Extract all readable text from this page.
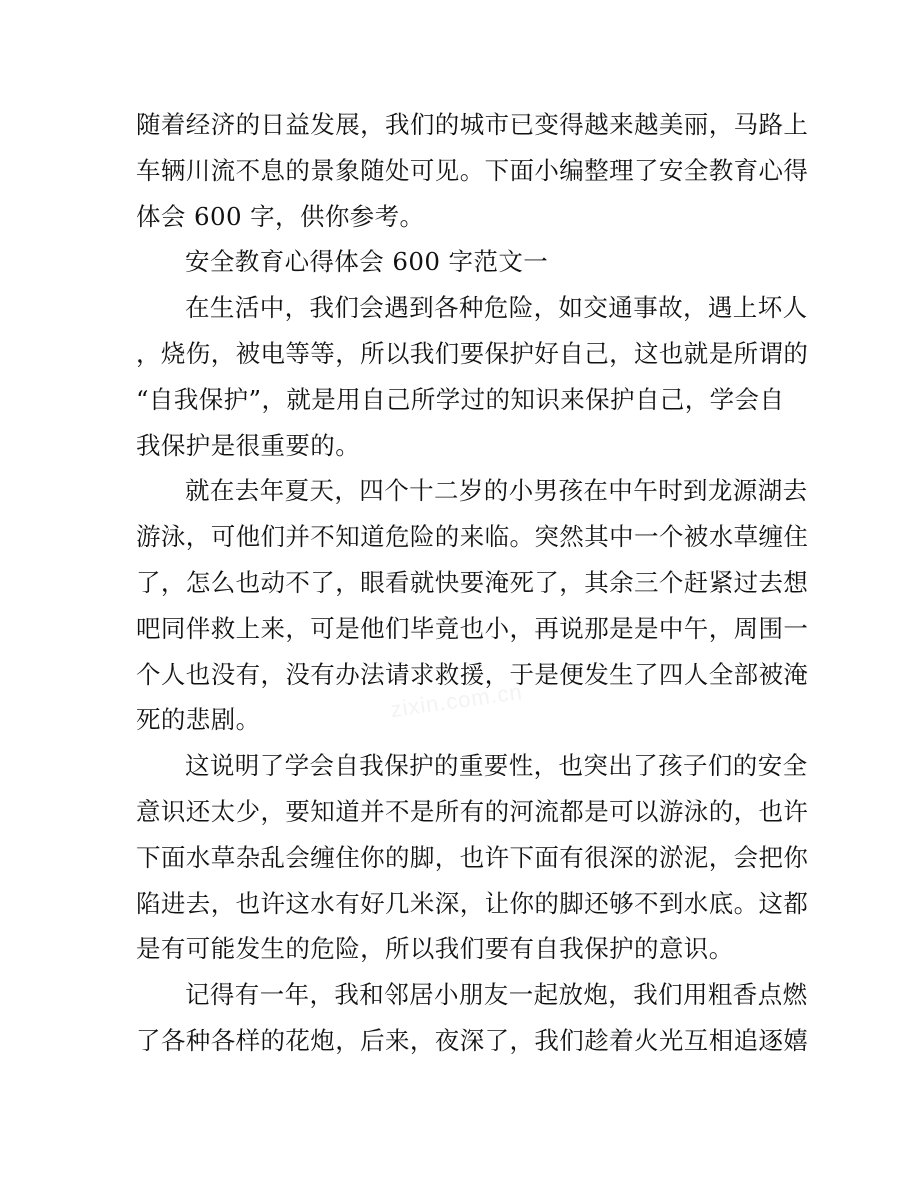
随着经济的日益发展，我们的城市已变得越来越美丽，马路上
车辆川流不息的景象随处可见。下面小编整理了安全教育心得
体会 600 字，供你参考。
安全教育心得体会 600 字范文一
在生活中，我们会遇到各种危险，如交通事故，遇上坏人
，烧伤，被电等等，所以我们要保护好自己，这也就是所谓的
“自我保护”，就是用自己所学过的知识来保护自己，学会自
我保护是很重要的。
就在去年夏天，四个十二岁的小男孩在中午时到龙源湖去
游泳，可他们并不知道危险的来临。突然其中一个被水草缠住
了，怎么也动不了，眼看就快要淹死了，其余三个赶紧过去想
吧同伴救上来，可是他们毕竟也小，再说那是是中午，周围一
个人也没有，没有办法请求救援，于是便发生了四人全部被淹
死的悲剧。
这说明了学会自我保护的重要性，也突出了孩子们的安全
意识还太少，要知道并不是所有的河流都是可以游泳的，也许
下面水草杂乱会缠住你的脚，也许下面有很深的淤泥，会把你
陷进去，也许这水有好几米深，让你的脚还够不到水底。这都
是有可能发生的危险，所以我们要有自我保护的意识。
记得有一年，我和邻居小朋友一起放炮，我们用粗香点燃
了各种各样的花炮，后来，夜深了，我们趁着火光互相追逐嬉
zixin.com.cn
